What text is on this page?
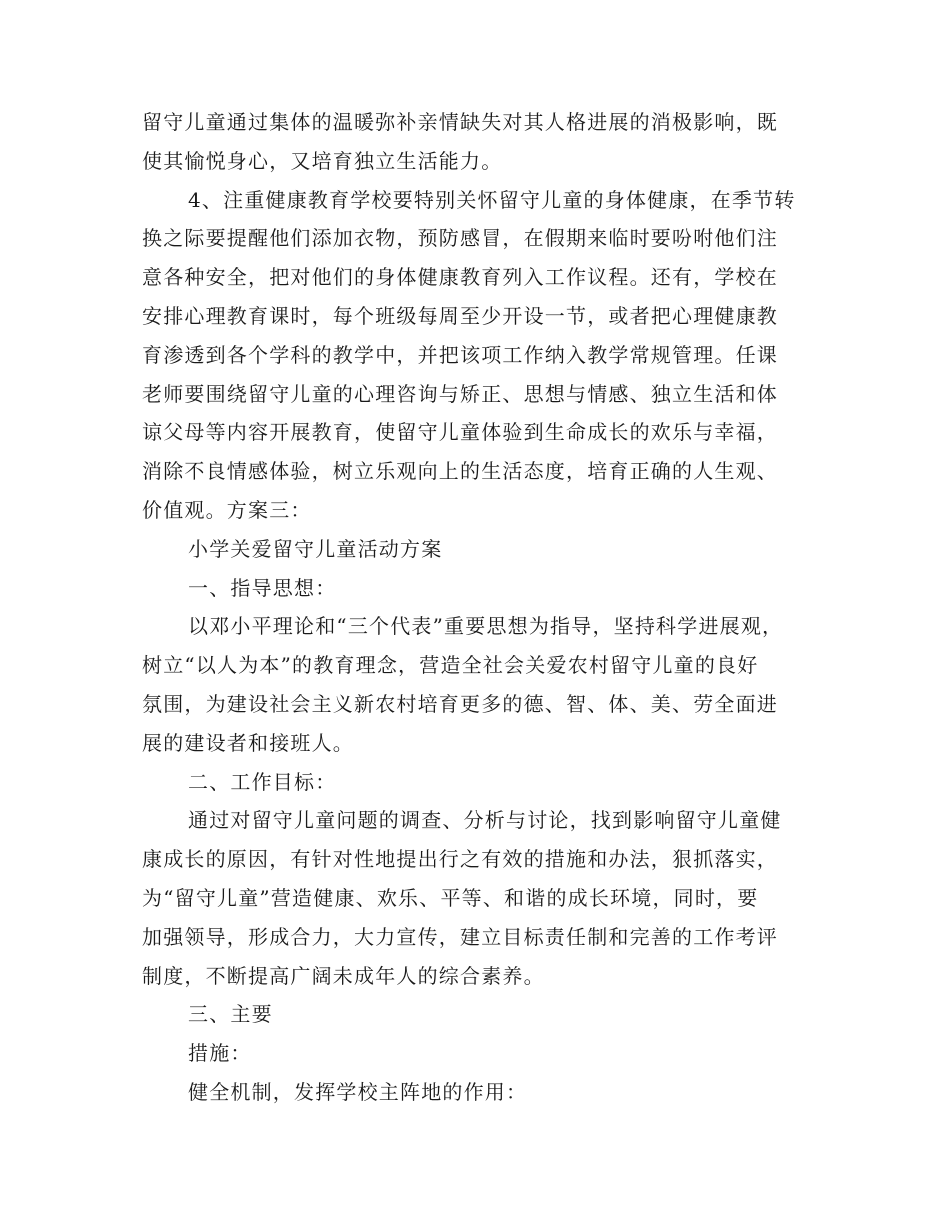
留守儿童通过集体的温暖弥补亲情缺失对其人格进展的消极影响，既

使其愉悦身心，又培育独立生活能力。

4、注重健康教育学校要特别关怀留守儿童的身体健康，在季节转

换之际要提醒他们添加衣物，预防感冒，在假期来临时要吩咐他们注

意各种安全，把对他们的身体健康教育列入工作议程。还有，学校在

安排心理教育课时，每个班级每周至少开设一节，或者把心理健康教

育渗透到各个学科的教学中，并把该项工作纳入教学常规管理。任课

老师要围绕留守儿童的心理咨询与矫正、思想与情感、独立生活和体

谅父母等内容开展教育，使留守儿童体验到生命成长的欢乐与幸福，

消除不良情感体验，树立乐观向上的生活态度，培育正确的人生观、

价值观。方案三：

小学关爱留守儿童活动方案

一、指导思想：

以邓小平理论和“三个代表”重要思想为指导，坚持科学进展观，

树立“以人为本”的教育理念，营造全社会关爱农村留守儿童的良好

氛围，为建设社会主义新农村培育更多的德、智、体、美、劳全面进

展的建设者和接班人。

二、工作目标：

通过对留守儿童问题的调查、分析与讨论，找到影响留守儿童健

康成长的原因，有针对性地提出行之有效的措施和办法，狠抓落实，

为“留守儿童”营造健康、欢乐、平等、和谐的成长环境，同时，要

加强领导，形成合力，大力宣传，建立目标责任制和完善的工作考评

制度，不断提高广阔未成年人的综合素养。

三、主要

措施：

健全机制，发挥学校主阵地的作用：
